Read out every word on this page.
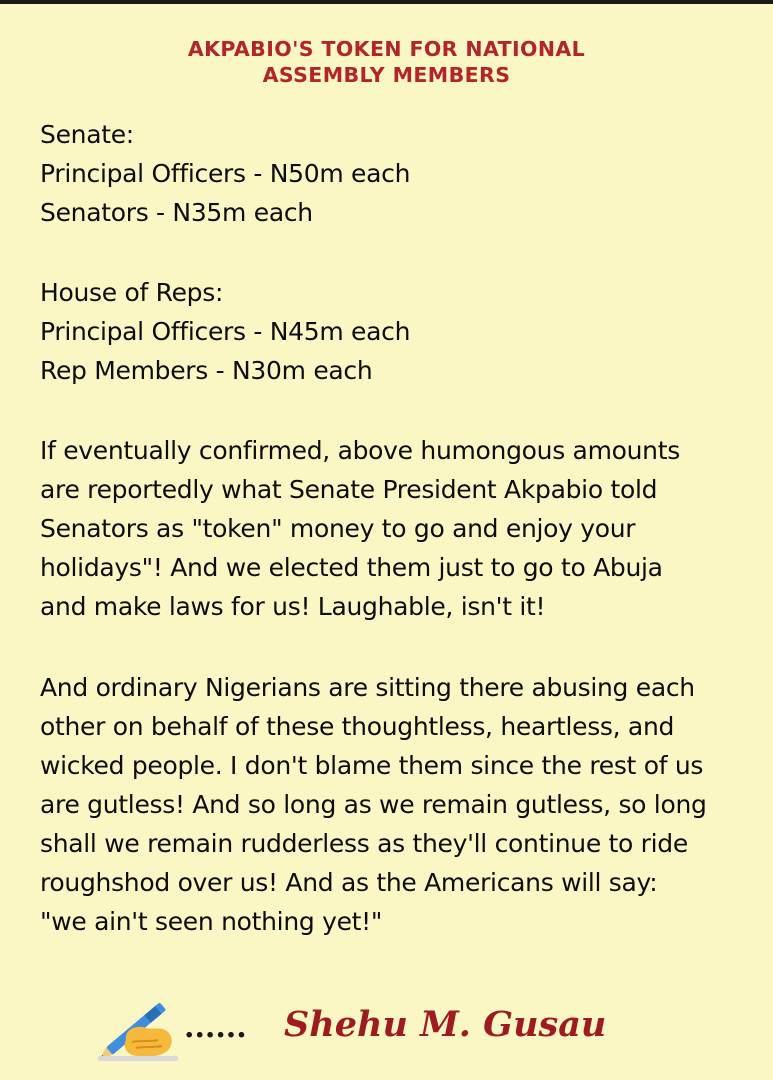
AKPABIO'S TOKEN FOR NATIONAL
ASSEMBLY MEMBERS
Senate:
Principal Officers - N50m each
Senators - N35m each
House of Reps:
Principal Officers - N45m each
Rep Members - N30m each
If eventually confirmed, above humongous amounts
are reportedly what Senate President Akpabio told
Senators as "token" money to go and enjoy your
holidays"! And we elected them just to go to Abuja
and make laws for us! Laughable, isn't it!
And ordinary Nigerians are sitting there abusing each
other on behalf of these thoughtless, heartless, and
wicked people. I don't blame them since the rest of us
are gutless! And so long as we remain gutless, so long
shall we remain rudderless as they'll continue to ride
roughshod over us! And as the Americans will say:
"we ain't seen nothing yet!"
...... Shehu M. Gusau
